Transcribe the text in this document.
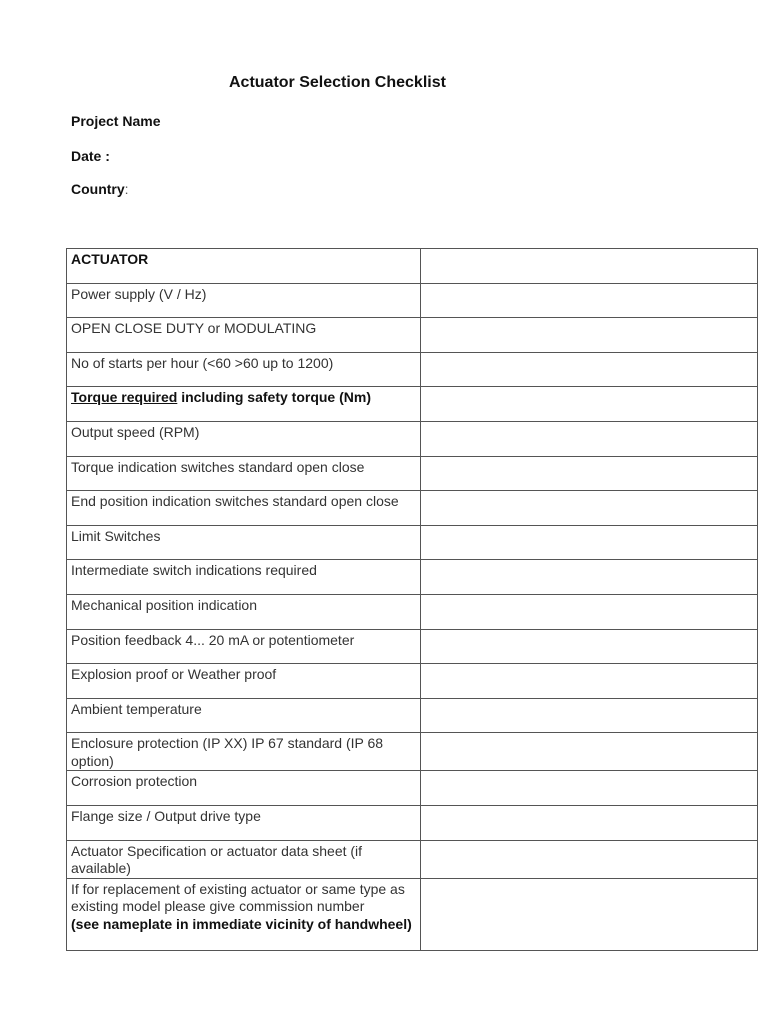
Actuator Selection Checklist
Project Name
Date :
Country:
ACTUATOR	
Power supply (V / Hz)	
OPEN CLOSE DUTY or MODULATING	
No of starts per hour (<60 >60 up to 1200)	
Torque required including safety torque (Nm)	
Output speed (RPM)	
Torque indication switches standard open close	
End position indication switches standard open close	
Limit Switches	
Intermediate switch indications required	
Mechanical position indication	
Position feedback 4... 20 mA or potentiometer	
Explosion proof or Weather proof	
Ambient temperature	
Enclosure protection (IP XX) IP 67 standard (IP 68 option)	
Corrosion protection	
Flange size / Output drive type	
Actuator Specification or actuator data sheet (if available)	
If for replacement of existing actuator or same type as existing model please give commission number
(see nameplate in immediate vicinity of handwheel)	
